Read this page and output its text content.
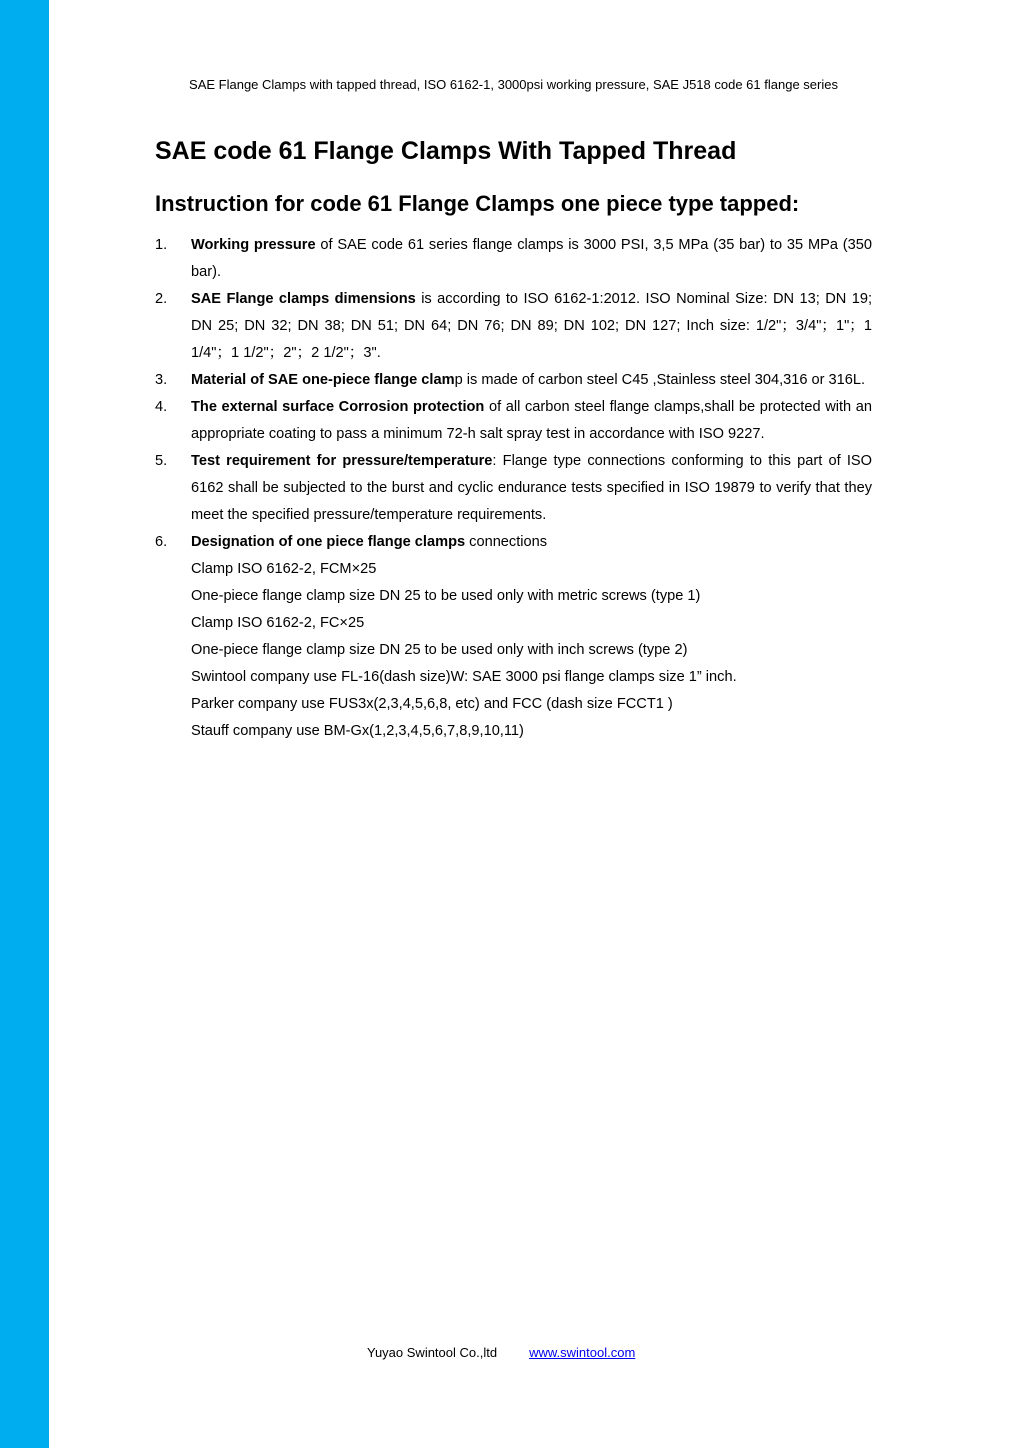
SAE Flange Clamps with tapped thread, ISO 6162-1, 3000psi working pressure, SAE J518 code 61 flange series
SAE code 61 Flange Clamps With Tapped Thread
Instruction for code 61 Flange Clamps one piece type tapped:
1. Working pressure of SAE code 61 series flange clamps is 3000 PSI, 3,5 MPa (35 bar) to 35 MPa (350 bar).
2. SAE Flange clamps dimensions is according to ISO 6162-1:2012. ISO Nominal Size: DN 13; DN 19; DN 25; DN 32; DN 38; DN 51; DN 64; DN 76; DN 89; DN 102; DN 127; Inch size: 1/2"；3/4"；1"；1 1/4"；1 1/2"；2"；2 1/2"；3".
3. Material of SAE one-piece flange clamp is made of carbon steel C45 ,Stainless steel 304,316 or 316L.
4. The external surface Corrosion protection of all carbon steel flange clamps,shall be protected with an appropriate coating to pass a minimum 72-h salt spray test in accordance with ISO 9227.
5. Test requirement for pressure/temperature: Flange type connections conforming to this part of ISO 6162 shall be subjected to the burst and cyclic endurance tests specified in ISO 19879 to verify that they meet the specified pressure/temperature requirements.
6. Designation of one piece flange clamps connections
Clamp ISO 6162-2, FCM×25
One-piece flange clamp size DN 25 to be used only with metric screws (type 1)
Clamp ISO 6162-2, FC×25
One-piece flange clamp size DN 25 to be used only with inch screws (type 2)
Swintool company use FL-16(dash size)W: SAE 3000 psi flange clamps size 1” inch.
Parker company use FUS3x(2,3,4,5,6,8, etc) and FCC (dash size FCCT1 )
Stauff company use BM-Gx(1,2,3,4,5,6,7,8,9,10,11)
Yuyao Swintool Co.,ltd www.swintool.com
